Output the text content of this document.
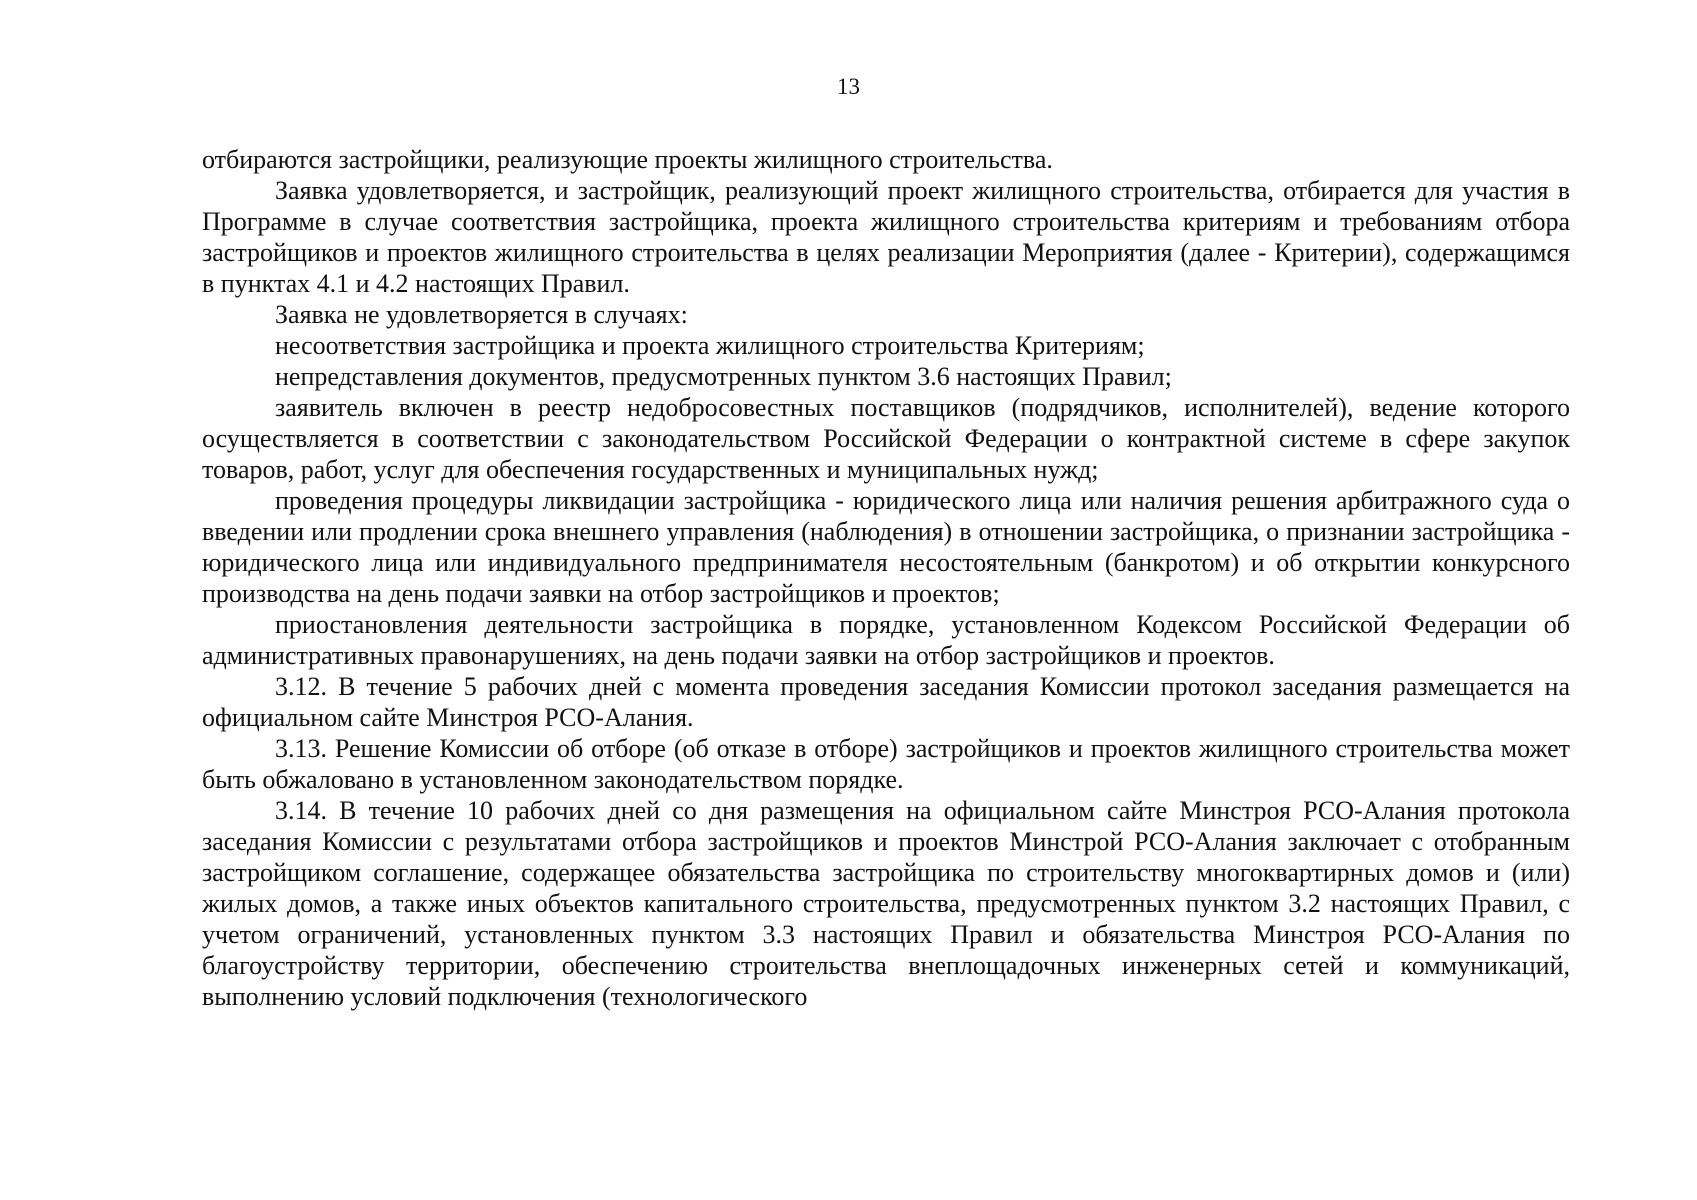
13

отбираются застройщики, реализующие проекты жилищного строительства.

Заявка удовлетворяется, и застройщик, реализующий проект жилищного строительства, отбирается для участия в Программе в случае соответствия застройщика, проекта жилищного строительства критериям и требованиям отбора застройщиков и проектов жилищного строительства в целях реализации Мероприятия (далее - Критерии), содержащимся в пунктах 4.1 и 4.2 настоящих Правил.

Заявка не удовлетворяется в случаях:

несоответствия застройщика и проекта жилищного строительства Критериям;

непредставления документов, предусмотренных пунктом 3.6 настоящих Правил;

заявитель включен в реестр недобросовестных поставщиков (подрядчиков, исполнителей), ведение которого осуществляется в соответствии с законодательством Российской Федерации о контрактной системе в сфере закупок товаров, работ, услуг для обеспечения государственных и муниципальных нужд;

проведения процедуры ликвидации застройщика - юридического лица или наличия решения арбитражного суда о введении или продлении срока внешнего управления (наблюдения) в отношении застройщика, о признании застройщика - юридического лица или индивидуального предпринимателя несостоятельным (банкротом) и об открытии конкурсного производства на день подачи заявки на отбор застройщиков и проектов;

приостановления деятельности застройщика в порядке, установленном Кодексом Российской Федерации об административных правонарушениях, на день подачи заявки на отбор застройщиков и проектов.

3.12. В течение 5 рабочих дней с момента проведения заседания Комиссии протокол заседания размещается на официальном сайте Минстроя РСО-Алания.

3.13. Решение Комиссии об отборе (об отказе в отборе) застройщиков и проектов жилищного строительства может быть обжаловано в установленном законодательством порядке.

3.14. В течение 10 рабочих дней со дня размещения на официальном сайте Минстроя РСО-Алания протокола заседания Комиссии с результатами отбора застройщиков и проектов Минстрой РСО-Алания заключает с отобранным застройщиком соглашение, содержащее обязательства застройщика по строительству многоквартирных домов и (или) жилых домов, а также иных объектов капитального строительства, предусмотренных пунктом 3.2 настоящих Правил, с учетом ограничений, установленных пунктом 3.3 настоящих Правил и обязательства Минстроя РСО-Алания по благоустройству территории, обеспечению строительства внеплощадочных инженерных сетей и коммуникаций, выполнению условий подключения (технологического
